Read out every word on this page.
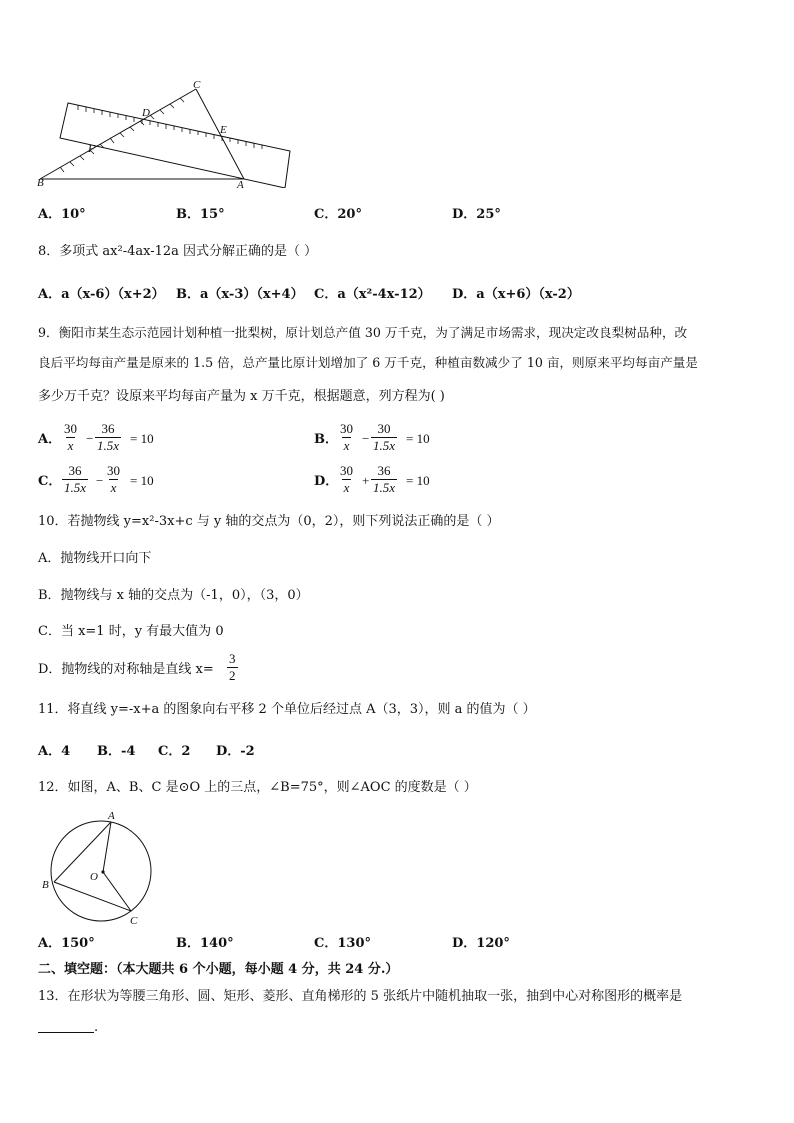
C
D
E
F
B	A
A．10°	B．15°	C．20°	D．25°
8．多项式 ax²-4ax-12a 因式分解正确的是（ ）
A．a（x-6）（x+2） B．a（x-3）（x+4） C．a（x²-4x-12） D．a（x+6）（x-2）
9．衡阳市某生态示范园计划种植一批梨树，原计划总产值 30 万千克，为了满足市场需求，现决定改良梨树品种，改
良后平均每亩产量是原来的 1.5 倍，总产量比原计划增加了 6 万千克，种植亩数减少了 10 亩，则原来平均每亩产量是
多少万千克？设原来平均每亩产量为 x 万千克，根据题意，列方程为( )
A． $\frac{30}{x} - \frac{36}{1.5x} = 10$	B． $\frac{30}{x} - \frac{30}{1.5x} = 10$
C． $\frac{36}{1.5x} - \frac{30}{x} = 10$	D． $\frac{30}{x} + \frac{36}{1.5x} = 10$
10．若抛物线 y=x²-3x+c 与 y 轴的交点为（0，2），则下列说法正确的是（ ）
A．抛物线开口向下
B．抛物线与 x 轴的交点为（-1，0），（3，0）
C．当 x=1 时，y 有最大值为 0
D．抛物线的对称轴是直线 $x= \frac{3}{2}$
11．将直线 y=-x+a 的图象向右平移 2 个单位后经过点 A（3，3），则 a 的值为（ ）
A．4 B．-4 C．2 D．-2
12．如图，A、B、C 是⊙O 上的三点，∠B=75°，则∠AOC 的度数是（ ）
A
B
C
O
A．150°	B．140°	C．130°	D．120°
二、填空题：（本大题共 6 个小题，每小题 4 分，共 24 分.）
13．在形状为等腰三角形、圆、矩形、菱形、直角梯形的 5 张纸片中随机抽取一张，抽到中心对称图形的概率是
.
